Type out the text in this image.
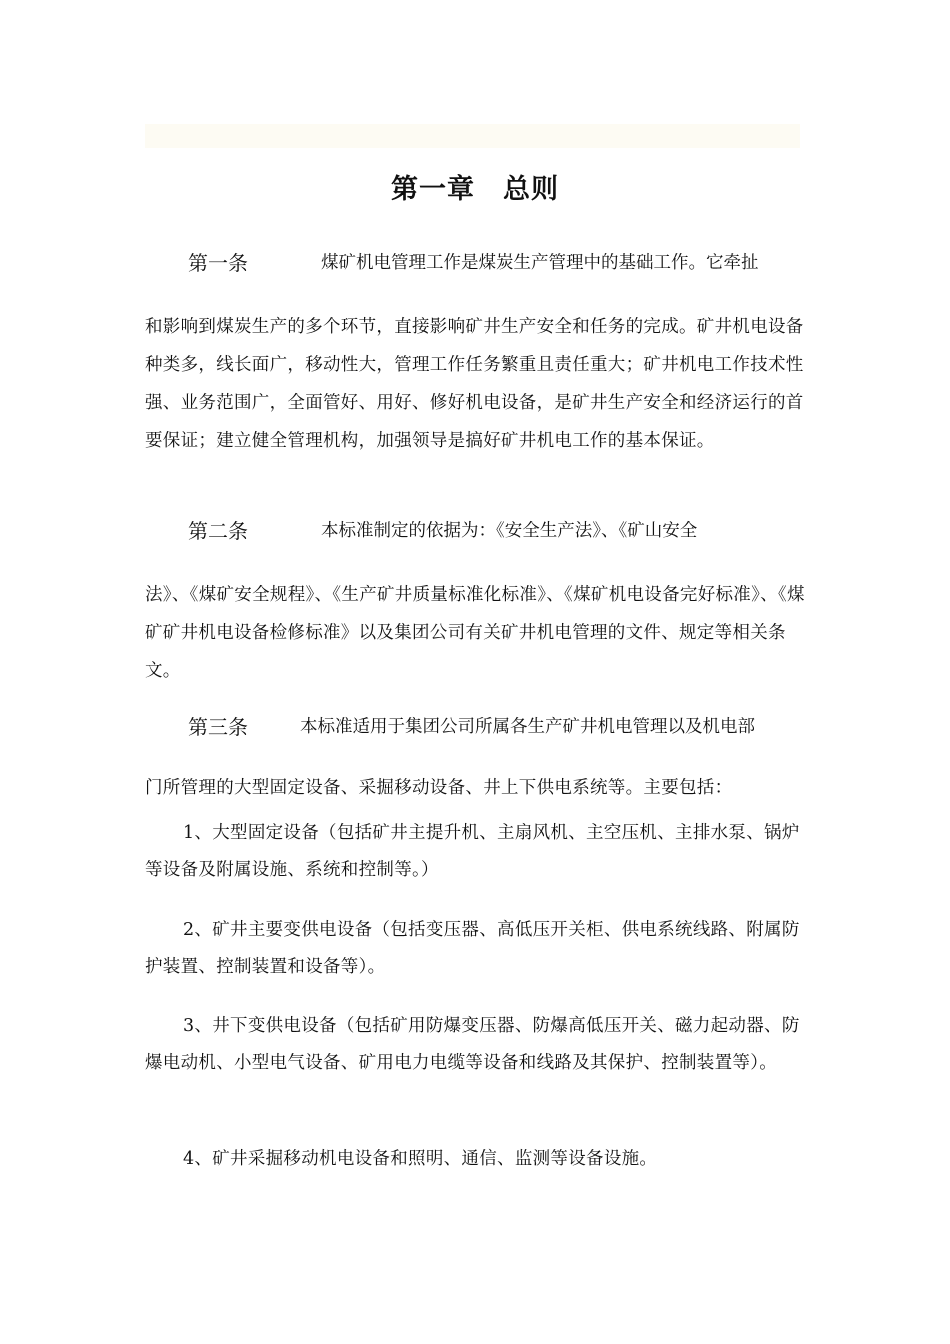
第一章　总则
第一条	煤矿机电管理工作是煤炭生产管理中的基础工作。它牵扯
和影响到煤炭生产的多个环节，直接影响矿井生产安全和任务的完成。矿井机电设备种类多，线长面广，移动性大，管理工作任务繁重且责任重大；矿井机电工作技术性强、业务范围广，全面管好、用好、修好机电设备，是矿井生产安全和经济运行的首要保证；建立健全管理机构，加强领导是搞好矿井机电工作的基本保证。
第二条	本标准制定的依据为：《安全生产法》、《矿山安全
法》、《煤矿安全规程》、《生产矿井质量标准化标准》、《煤矿机电设备完好标准》、《煤矿矿井机电设备检修标准》以及集团公司有关矿井机电管理的文件、规定等相关条文。
第三条	本标准适用于集团公司所属各生产矿井机电管理以及机电部
门所管理的大型固定设备、采掘移动设备、井上下供电系统等。主要包括：
1、大型固定设备（包括矿井主提升机、主扇风机、主空压机、主排水泵、锅炉等设备及附属设施、系统和控制等。）
2、矿井主要变供电设备（包括变压器、高低压开关柜、供电系统线路、附属防护装置、控制装置和设备等）。
3、井下变供电设备（包括矿用防爆变压器、防爆高低压开关、磁力起动器、防爆电动机、小型电气设备、矿用电力电缆等设备和线路及其保护、控制装置等）。
4、矿井采掘移动机电设备和照明、通信、监测等设备设施。
